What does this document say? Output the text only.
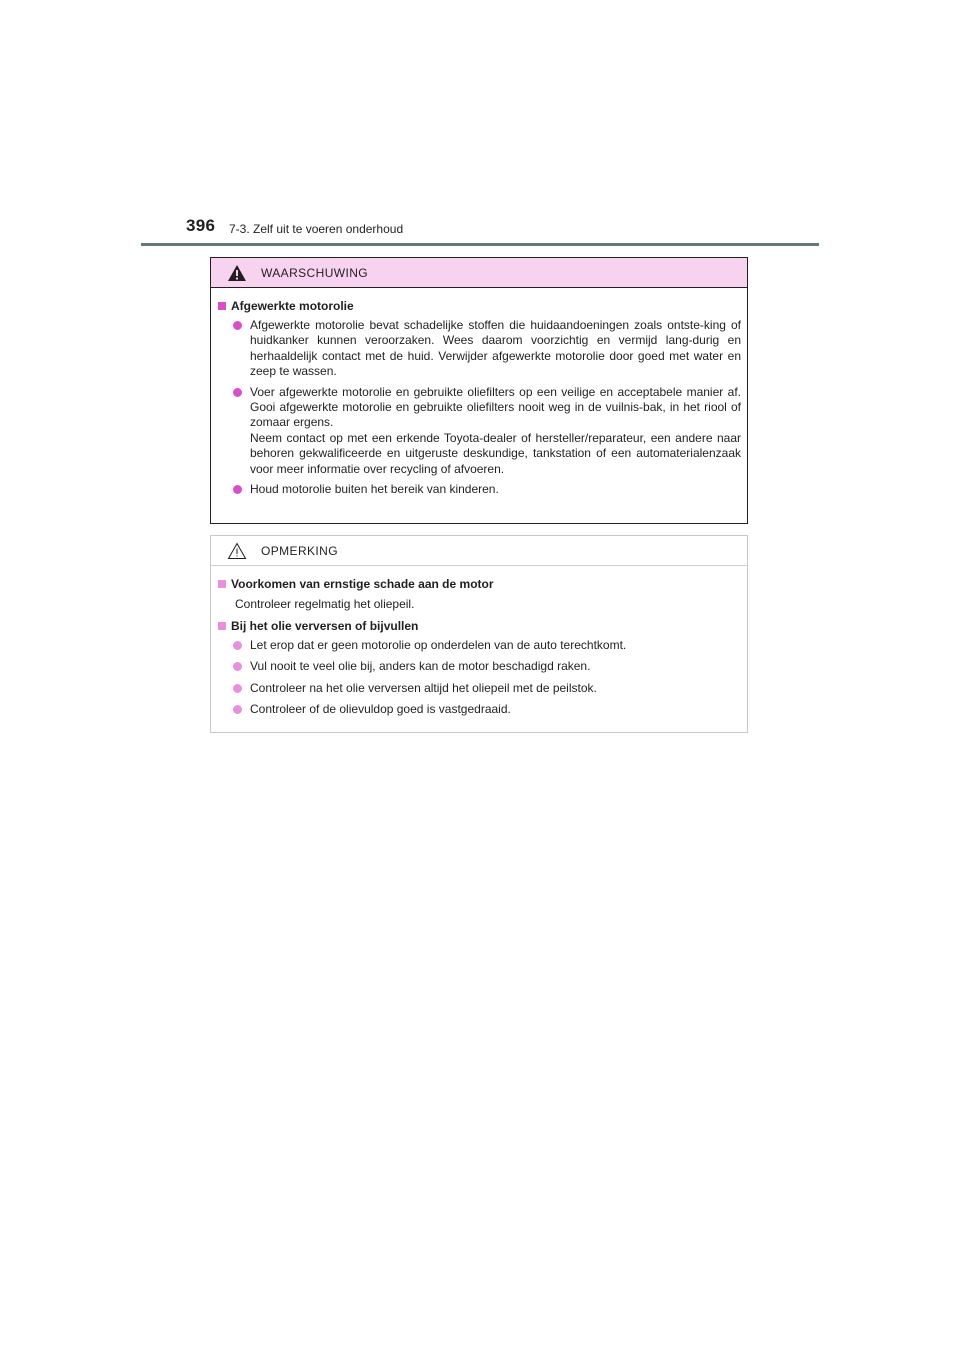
396 7-3. Zelf uit te voeren onderhoud
WAARSCHUWING
Afgewerkte motorolie
Afgewerkte motorolie bevat schadelijke stoffen die huidaandoeningen zoals ontste-king of huidkanker kunnen veroorzaken. Wees daarom voorzichtig en vermijd lang-durig en herhaaldelijk contact met de huid. Verwijder afgewerkte motorolie door goed met water en zeep te wassen.
Voer afgewerkte motorolie en gebruikte oliefilters op een veilige en acceptabele manier af. Gooi afgewerkte motorolie en gebruikte oliefilters nooit weg in de vuilnis-bak, in het riool of zomaar ergens.
Neem contact op met een erkende Toyota-dealer of hersteller/reparateur, een andere naar behoren gekwalificeerde en uitgeruste deskundige, tankstation of een automaterialenzaak voor meer informatie over recycling of afvoeren.
Houd motorolie buiten het bereik van kinderen.
OPMERKING
Voorkomen van ernstige schade aan de motor
Controleer regelmatig het oliepeil.
Bij het olie verversen of bijvullen
Let erop dat er geen motorolie op onderdelen van de auto terechtkomt.
Vul nooit te veel olie bij, anders kan de motor beschadigd raken.
Controleer na het olie verversen altijd het oliepeil met de peilstok.
Controleer of de olievuldop goed is vastgedraaid.
